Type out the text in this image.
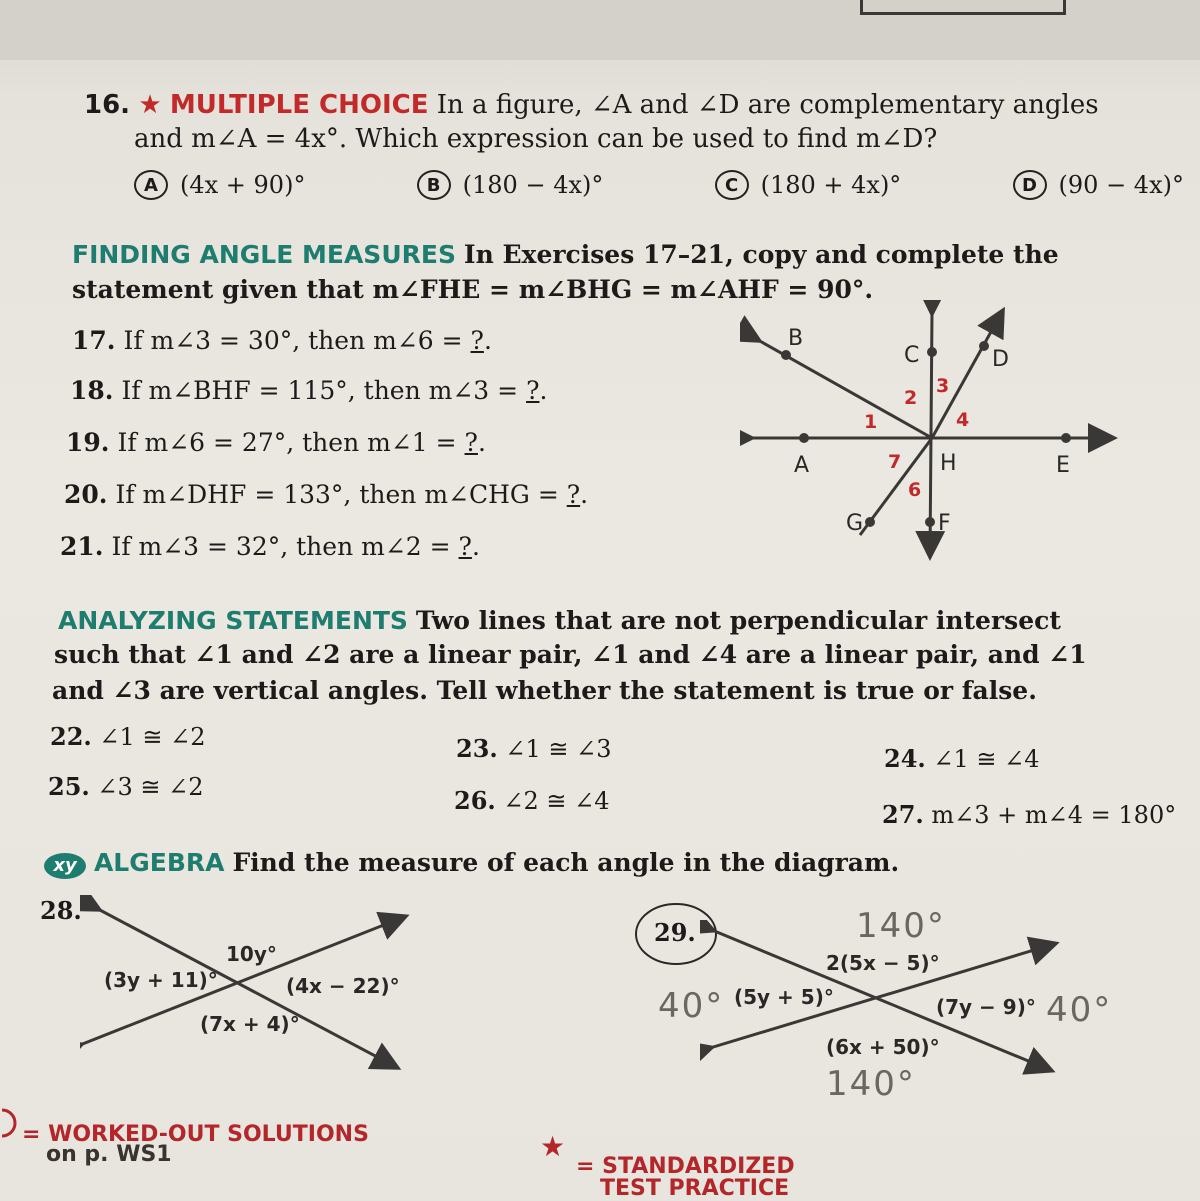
16. ★ MULTIPLE CHOICE In a figure, ∠A and ∠D are complementary angles
and m∠A = 4x°. Which expression can be used to find m∠D?
A (4x + 90)°	B (180 − 4x)°	C (180 + 4x)°	D (90 − 4x)°
FINDING ANGLE MEASURES In Exercises 17–21, copy and complete the
statement given that m∠FHE = m∠BHG = m∠AHF = 90°.
17. If m∠3 = 30°, then m∠6 = ?.
18. If m∠BHF = 115°, then m∠3 = ?.
19. If m∠6 = 27°, then m∠1 = ?.
20. If m∠DHF = 133°, then m∠CHG = ?.
21. If m∠3 = 32°, then m∠2 = ?.
B
C	D
A	H	E
G	F
1
2
3
4
6
7
ANALYZING STATEMENTS Two lines that are not perpendicular intersect
such that ∠1 and ∠2 are a linear pair, ∠1 and ∠4 are a linear pair, and ∠1
and ∠3 are vertical angles. Tell whether the statement is true or false.
22. ∠1 ≅ ∠2	23. ∠1 ≅ ∠3	24. ∠1 ≅ ∠4
25. ∠3 ≅ ∠2	26. ∠2 ≅ ∠4	27. m∠3 + m∠4 = 180°
xy ALGEBRA Find the measure of each angle in the diagram.
28.
10y°
(3y + 11)°	(4x − 22)°
(7x + 4)°
29.
2(5x − 5)°
(5y + 5)°	(7y − 9)°
(6x + 50)°
140°
40°	40°
140°
= WORKED-OUT SOLUTIONS
on p. WS1	★
= STANDARDIZED
TEST PRACTICE
